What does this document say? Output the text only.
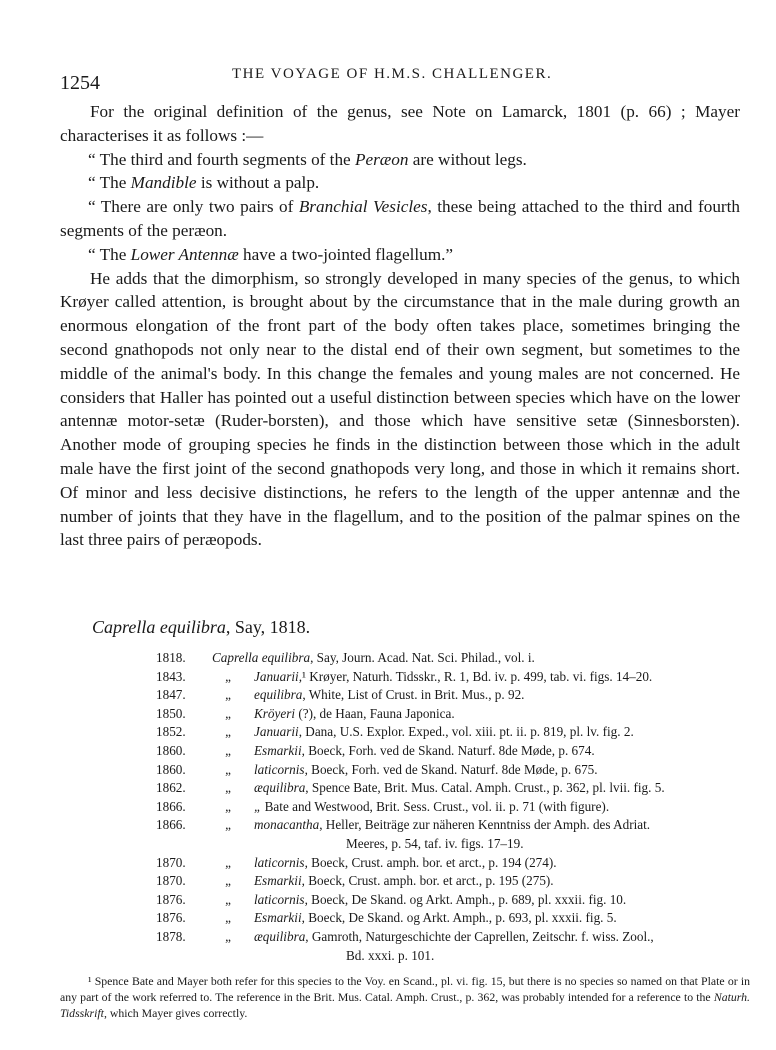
1254	THE VOYAGE OF H.M.S. CHALLENGER.

For the original definition of the genus, see Note on Lamarck, 1801 (p. 66) ; Mayer characterises it as follows :—

“ The third and fourth segments of the Peræon are without legs.

“ The Mandible is without a palp.

“ There are only two pairs of Branchial Vesicles, these being attached to the third and fourth segments of the peræon.

“ The Lower Antennæ have a two-jointed flagellum.”

He adds that the dimorphism, so strongly developed in many species of the genus, to which Krøyer called attention, is brought about by the circumstance that in the male during growth an enormous elongation of the front part of the body often takes place, sometimes bringing the second gnathopods not only near to the distal end of their own segment, but sometimes to the middle of the animal's body. In this change the females and young males are not concerned. He considers that Haller has pointed out a useful distinction between species which have on the lower antennæ motor-setæ (Ruder-borsten), and those which have sensitive setæ (Sinnesborsten). Another mode of grouping species he finds in the distinction between those which in the adult male have the first joint of the second gnathopods very long, and those in which it remains short. Of minor and less decisive distinctions, he refers to the length of the upper antennæ and the number of joints that they have in the flagellum, and to the position of the palmar spines on the last three pairs of peræopods.

Caprella equilibra, Say, 1818.
1818.	Caprella equilibra, Say, Journ. Acad. Nat. Sci. Philad., vol. i.
1843.	„	Januarii,¹ Krøyer, Naturh. Tidsskr., R. 1, Bd. iv. p. 499, tab. vi. figs. 14–20.
1847.	„	equilibra, White, List of Crust. in Brit. Mus., p. 92.
1850.	„	Kröyeri (?), de Haan, Fauna Japonica.
1852.	„	Januarii, Dana, U.S. Explor. Exped., vol. xiii. pt. ii. p. 819, pl. lv. fig. 2.
1860.	„	Esmarkii, Boeck, Forh. ved de Skand. Naturf. 8de Møde, p. 674.
1860.	„	laticornis, Boeck, Forh. ved de Skand. Naturf. 8de Møde, p. 675.
1862.	„	æquilibra, Spence Bate, Brit. Mus. Catal. Amph. Crust., p. 362, pl. lvii. fig. 5.
1866.	„	„ Bate and Westwood, Brit. Sess. Crust., vol. ii. p. 71 (with figure).
1866.	„	monacantha, Heller, Beiträge zur näheren Kenntniss der Amph. des Adriat.
Meeres, p. 54, taf. iv. figs. 17–19.
1870.	„	laticornis, Boeck, Crust. amph. bor. et arct., p. 194 (274).
1870.	„	Esmarkii, Boeck, Crust. amph. bor. et arct., p. 195 (275).
1876.	„	laticornis, Boeck, De Skand. og Arkt. Amph., p. 689, pl. xxxii. fig. 10.
1876.	„	Esmarkii, Boeck, De Skand. og Arkt. Amph., p. 693, pl. xxxii. fig. 5.
1878.	„	æquilibra, Gamroth, Naturgeschichte der Caprellen, Zeitschr. f. wiss. Zool.,
Bd. xxxi. p. 101.
¹ Spence Bate and Mayer both refer for this species to the Voy. en Scand., pl. vi. fig. 15, but there is no species so named on that Plate or in any part of the work referred to. The reference in the Brit. Mus. Catal. Amph. Crust., p. 362, was probably intended for a reference to the Naturh. Tidsskrift, which Mayer gives correctly.
